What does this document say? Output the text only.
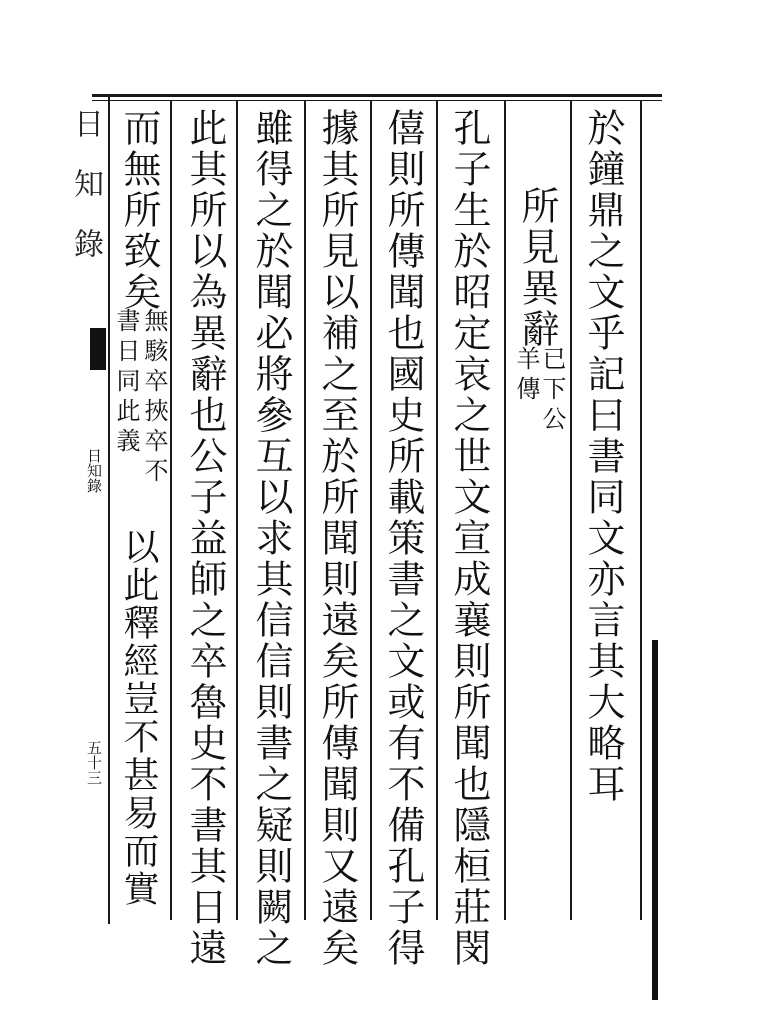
日知錄
日知錄
五十三	於鐘鼎之文乎記曰書同文亦言其大略耳
所見異辭
已下公
羊傳
孔子生於昭定哀之世文宣成襄則所聞也隱桓莊閔
僖則所傳聞也國史所載策書之文或有不備孔子得
據其所見以補之至於所聞則遠矣所傳聞則又遠矣
雖得之於聞必將參互以求其信信則書之疑則闕之
此其所以為異辭也公子益師之卒魯史不書其日遠
而無所致矣
無駭卒挾卒不
書日同此義
以此釋經豈不甚易而實
